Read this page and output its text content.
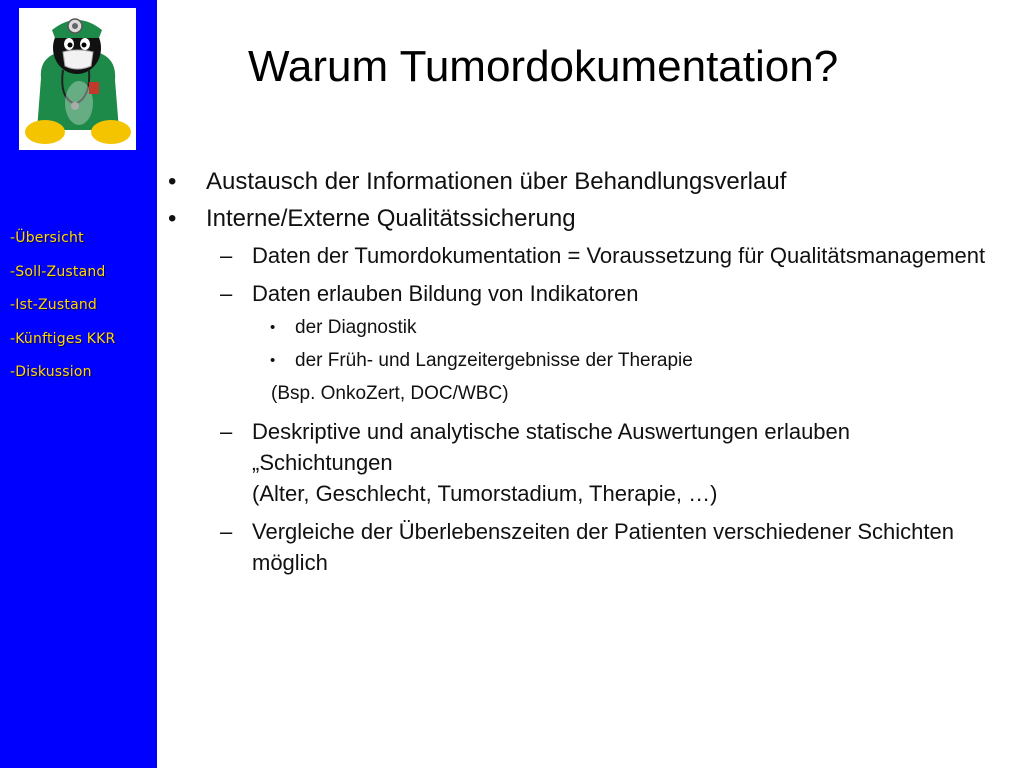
-Übersicht
-Soll-Zustand
-Ist-Zustand
-Künftiges KKR
-Diskussion
Warum Tumordokumentation?
• Austausch der Informationen über Behandlungsverlauf
• Interne/Externe Qualitätssicherung
– Daten der Tumordokumentation = Voraussetzung für Qualitätsmanagement
– Daten erlauben Bildung von Indikatoren
• der Diagnostik
• der Früh- und Langzeitergebnisse der Therapie
(Bsp. OnkoZert, DOC/WBC)
– Deskriptive und analytische statische Auswertungen erlauben „Schichtungen
(Alter, Geschlecht, Tumorstadium, Therapie, …)
– Vergleiche der Überlebenszeiten der Patienten verschiedener Schichten möglich
